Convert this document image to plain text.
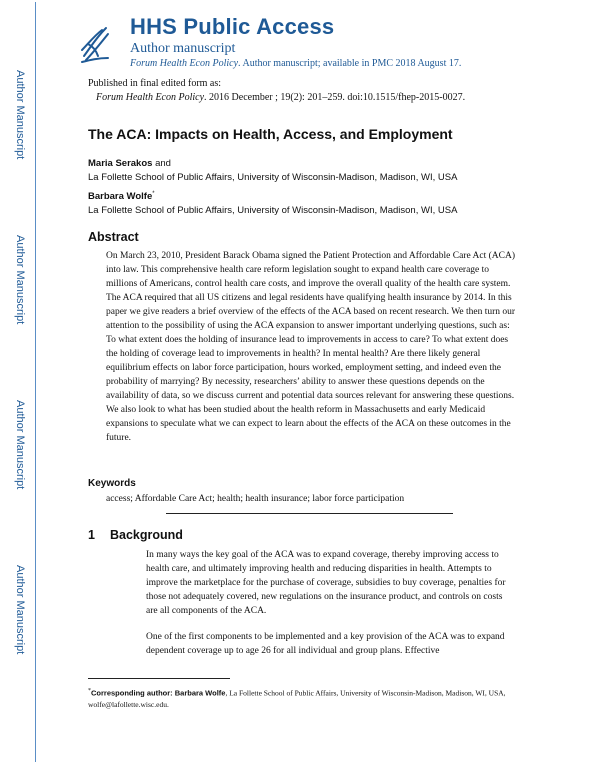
Author Manuscript
Author Manuscript
Author Manuscript
Author Manuscript
HHS Public Access
Author manuscript
Forum Health Econ Policy. Author manuscript; available in PMC 2018 August 17.
Published in final edited form as:
Forum Health Econ Policy. 2016 December ; 19(2): 201–259. doi:10.1515/fhep-2015-0027.
The ACA: Impacts on Health, Access, and Employment
Maria Serakos and
La Follette School of Public Affairs, University of Wisconsin-Madison, Madison, WI, USA
Barbara Wolfe*
La Follette School of Public Affairs, University of Wisconsin-Madison, Madison, WI, USA
Abstract
On March 23, 2010, President Barack Obama signed the Patient Protection and Affordable Care Act (ACA) into law. This comprehensive health care reform legislation sought to expand health care coverage to millions of Americans, control health care costs, and improve the overall quality of the health care system. The ACA required that all US citizens and legal residents have qualifying health insurance by 2014. In this paper we give readers a brief overview of the effects of the ACA based on recent research. We then turn our attention to the possibility of using the ACA expansion to answer important underlying questions, such as: To what extent does the holding of insurance lead to improvements in access to care? To what extent does the holding of coverage lead to improvements in health? In mental health? Are there likely general equilibrium effects on labor force participation, hours worked, employment setting, and indeed even the probability of marrying? By necessity, researchers’ ability to answer these questions depends on the availability of data, so we discuss current and potential data sources relevant for answering these questions. We also look to what has been studied about the health reform in Massachusetts and early Medicaid expansions to speculate what we can expect to learn about the effects of the ACA on these outcomes in the future.
Keywords
access; Affordable Care Act; health; health insurance; labor force participation
1 Background
In many ways the key goal of the ACA was to expand coverage, thereby improving access to health care, and ultimately improving health and reducing disparities in health. Attempts to improve the marketplace for the purchase of coverage, subsidies to buy coverage, penalties for those not adequately covered, new regulations on the insurance product, and controls on costs are all components of the ACA.
One of the first components to be implemented and a key provision of the ACA was to expand dependent coverage up to age 26 for all individual and group plans. Effective
*Corresponding author: Barbara Wolfe, La Follette School of Public Affairs, University of Wisconsin-Madison, Madison, WI, USA, wolfe@lafollette.wisc.edu.
